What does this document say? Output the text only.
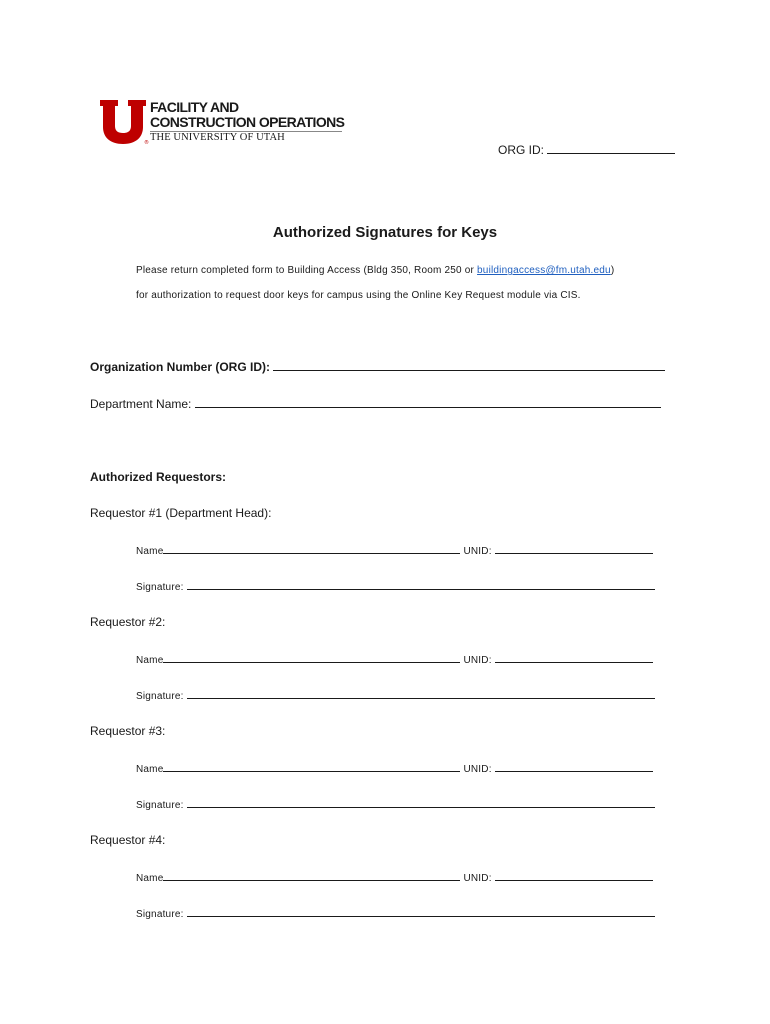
®
FACILITY AND
CONSTRUCTION OPERATIONS
THE UNIVERSITY OF UTAH
ORG ID:
Authorized Signatures for Keys
Please return completed form to Building Access (Bldg 350, Room 250 or buildingaccess@fm.utah.edu)
for authorization to request door keys for campus using the Online Key Request module via CIS.
Organization Number (ORG ID):
Department Name:
Authorized Requestors:
Requestor #1 (Department Head):
Name	UNID:
Signature:
Requestor #2:
Name	UNID:
Signature:
Requestor #3:
Name	UNID:
Signature:
Requestor #4:
Name	UNID:
Signature:
